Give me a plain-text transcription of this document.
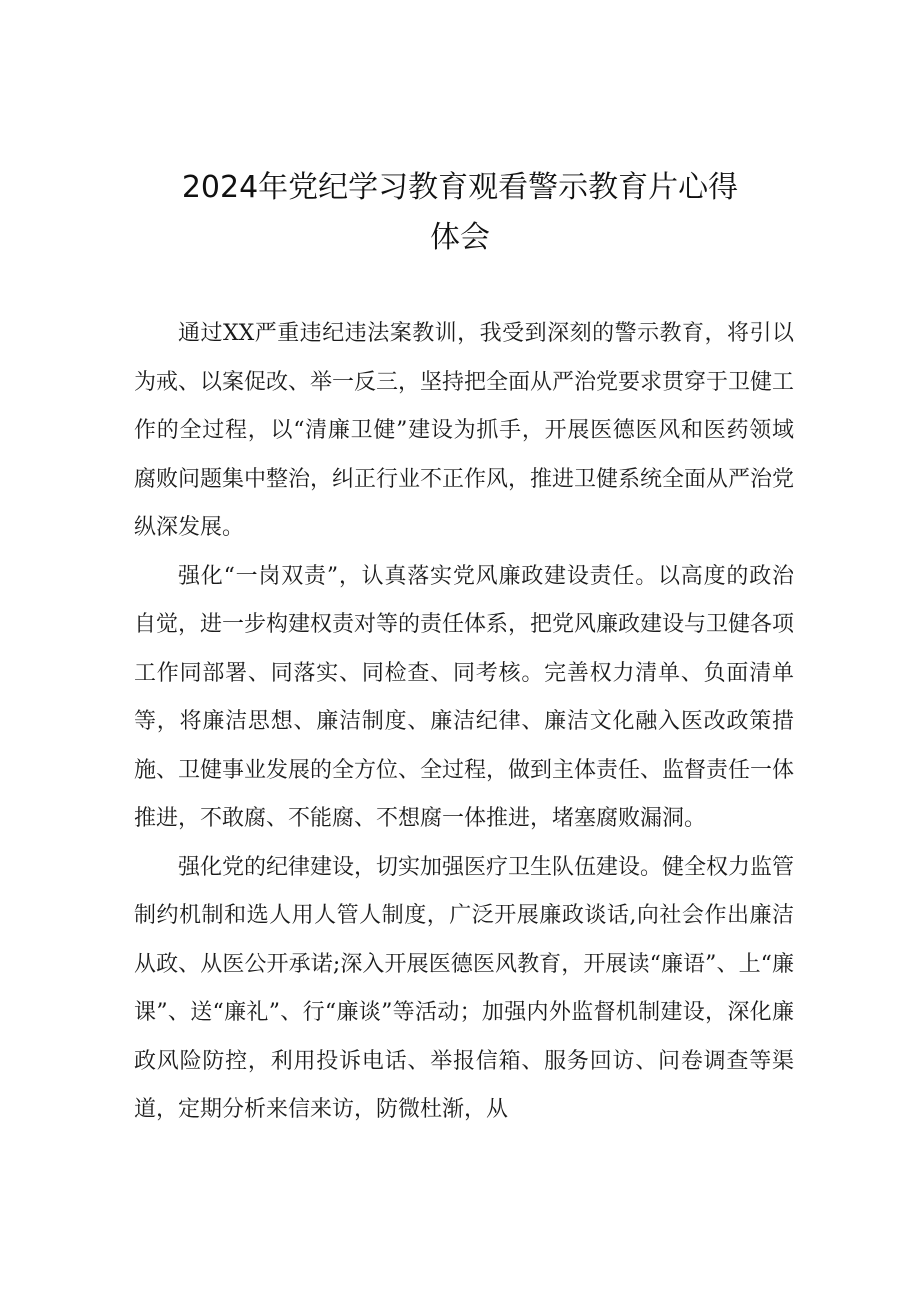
2024年党纪学习教育观看警示教育片心得
体会

通过XX严重违纪违法案教训，我受到深刻的警示教育，将引以为戒、以案促改、举一反三，坚持把全面从严治党要求贯穿于卫健工作的全过程，以“清廉卫健”建设为抓手，开展医德医风和医药领域腐败问题集中整治，纠正行业不正作风，推进卫健系统全面从严治党纵深发展。

强化“一岗双责”，认真落实党风廉政建设责任。以高度的政治自觉，进一步构建权责对等的责任体系，把党风廉政建设与卫健各项工作同部署、同落实、同检查、同考核。完善权力清单、负面清单等，将廉洁思想、廉洁制度、廉洁纪律、廉洁文化融入医改政策措施、卫健事业发展的全方位、全过程，做到主体责任、监督责任一体推进，不敢腐、不能腐、不想腐一体推进，堵塞腐败漏洞。

强化党的纪律建设，切实加强医疗卫生队伍建设。健全权力监管制约机制和选人用人管人制度，广泛开展廉政谈话,向社会作出廉洁从政、从医公开承诺;深入开展医德医风教育，开展读“廉语”、上“廉课”、送“廉礼”、行“廉谈”等活动；加强内外监督机制建设，深化廉政风险防控，利用投诉电话、举报信箱、服务回访、问卷调查等渠道，定期分析来信来访，防微杜渐，从
